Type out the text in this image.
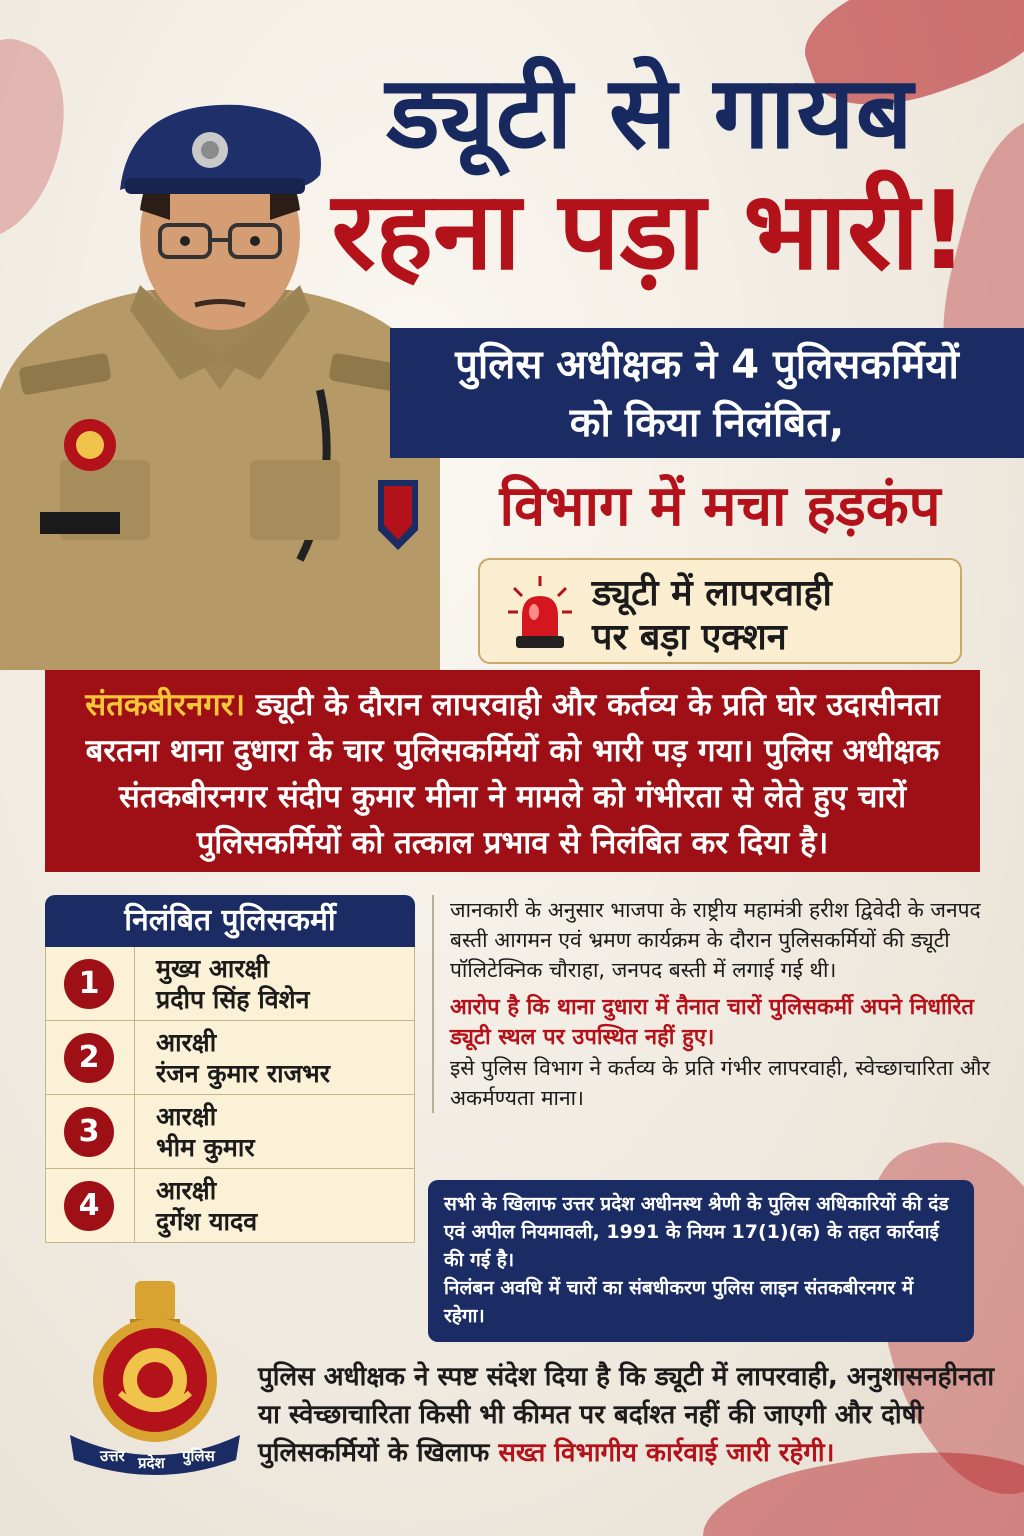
ड्यूटी से गायब
रहना पड़ा भारी!
पुलिस अधीक्षक ने 4 पुलिसकर्मियों
को किया निलंबित,
विभाग में मचा हड़कंप
ड्यूटी में लापरवाही
पर बड़ा एक्शन
संतकबीरनगर। ड्यूटी के दौरान लापरवाही और कर्तव्य के प्रति घोर उदासीनता बरतना थाना दुधारा के चार पुलिसकर्मियों को भारी पड़ गया। पुलिस अधीक्षक संतकबीरनगर संदीप कुमार मीना ने मामले को गंभीरता से लेते हुए चारों पुलिसकर्मियों को तत्काल प्रभाव से निलंबित कर दिया है।
निलंबित पुलिसकर्मी
1	मुख्य आरक्षी
प्रदीप सिंह विशेन
2	आरक्षी
रंजन कुमार राजभर
3	आरक्षी
भीम कुमार
4	आरक्षी
दुर्गेश यादव

जानकारी के अनुसार भाजपा के राष्ट्रीय महामंत्री हरीश द्विवेदी के जनपद बस्ती आगमन एवं भ्रमण कार्यक्रम के दौरान पुलिसकर्मियों की ड्यूटी पॉलिटेक्निक चौराहा, जनपद बस्ती में लगाई गई थी।

आरोप है कि थाना दुधारा में तैनात चारों पुलिसकर्मी अपने निर्धारित ड्यूटी स्थल पर उपस्थित नहीं हुए।

इसे पुलिस विभाग ने कर्तव्य के प्रति गंभीर लापरवाही, स्वेच्छाचारिता और अकर्मण्यता माना।

सभी के खिलाफ उत्तर प्रदेश अधीनस्थ श्रेणी के पुलिस अधिकारियों की दंड एवं अपील नियमावली, 1991 के नियम 17(1)(क) के तहत कार्रवाई की गई है।
निलंबन अवधि में चारों का संबधीकरण पुलिस लाइन संतकबीरनगर में रहेगा।
उत्तर प्रदेश पुलिस
पुलिस अधीक्षक ने स्पष्ट संदेश दिया है कि ड्यूटी में लापरवाही, अनुशासनहीनता या स्वेच्छाचारिता किसी भी कीमत पर बर्दाश्त नहीं की जाएगी और दोषी पुलिसकर्मियों के खिलाफ सख्त विभागीय कार्रवाई जारी रहेगी।
